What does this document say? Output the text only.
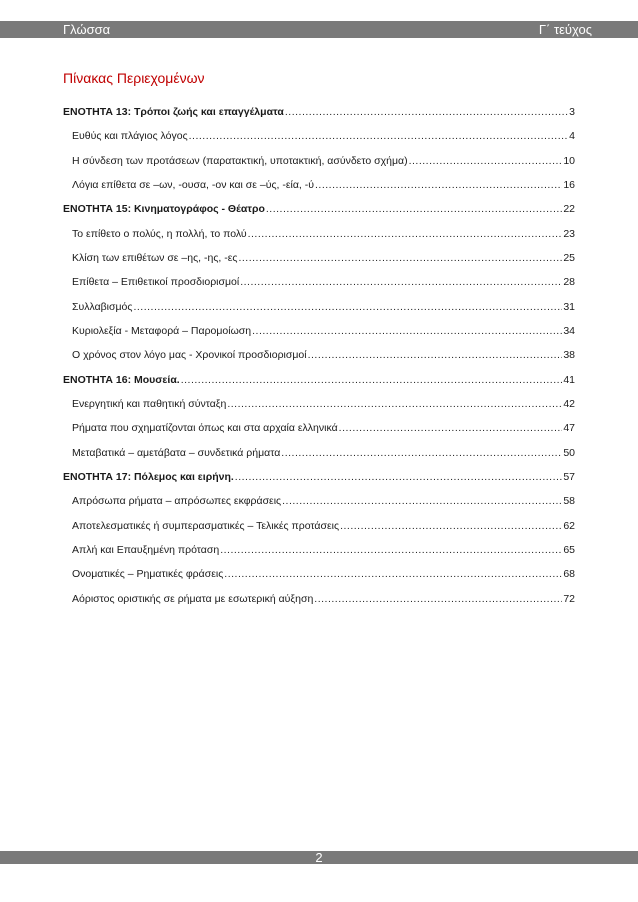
Γλώσσα	Γ΄ τεύχος
Πίνακας Περιεχομένων
ΕΝΟΤΗΤΑ 13: Τρόποι ζωής και επαγγέλματα .....	3
Ευθύς και πλάγιος λόγος .....	4
Η σύνδεση των προτάσεων (παρατακτική, υποτακτική, ασύνδετο σχήμα) .....	10
Λόγια επίθετα σε –ων, -ουσα, -ον και σε –ύς, -εία, -ύ .....	16
ΕΝΟΤΗΤΑ 15: Κινηματογράφος - Θέατρο .....	22
Το επίθετο ο πολύς, η πολλή, το πολύ .....	23
Κλίση των επιθέτων σε –ης, -ης, -ες .....	25
Επίθετα – Επιθετικοί προσδιορισμοί .....	28
Συλλαβισμός .....	31
Κυριολεξία - Μεταφορά – Παρομοίωση .....	34
Ο χρόνος στον λόγο μας - Χρονικοί προσδιορισμοί .....	38
ΕΝΟΤΗΤΑ 16: Μουσεία. .....	41
Ενεργητική και παθητική σύνταξη .....	42
Ρήματα που σχηματίζονται όπως και στα αρχαία ελληνικά .....	47
Μεταβατικά – αμετάβατα – συνδετικά ρήματα .....	50
ΕΝΟΤΗΤΑ 17: Πόλεμος και ειρήνη. .....	57
Απρόσωπα ρήματα – απρόσωπες εκφράσεις .....	58
Αποτελεσματικές ή συμπερασματικές – Τελικές προτάσεις .....	62
Απλή και Επαυξημένη πρόταση .....	65
Ονοματικές – Ρηματικές φράσεις .....	68
Αόριστος οριστικής σε ρήματα με εσωτερική αύξηση .....	72
2
